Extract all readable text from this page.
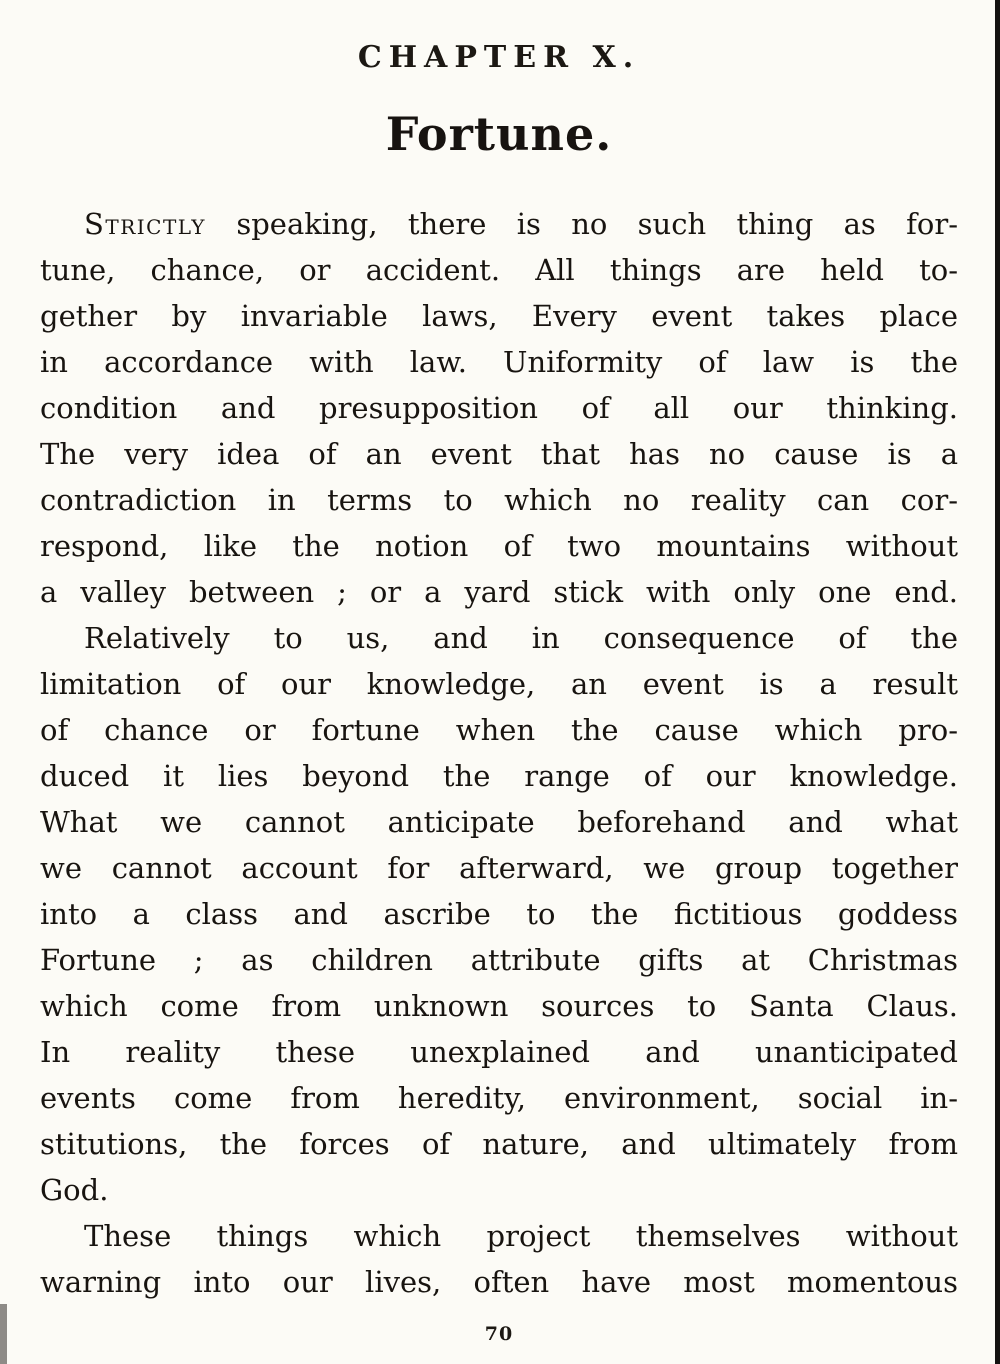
CHAPTER X.
Fortune.
Strictly speaking, there is no such thing as for-
tune, chance, or accident. All things are held to-
gether by invariable laws, Every event takes place
in accordance with law. Uniformity of law is the
condition and presupposition of all our thinking.
The very idea of an event that has no cause is a
contradiction in terms to which no reality can cor-
respond, like the notion of two mountains without
a valley between ; or a yard stick with only one end.
Relatively to us, and in consequence of the
limitation of our knowledge, an event is a result
of chance or fortune when the cause which pro-
duced it lies beyond the range of our knowledge.
What we cannot anticipate beforehand and what
we cannot account for afterward, we group together
into a class and ascribe to the fictitious goddess
Fortune ; as children attribute gifts at Christmas
which come from unknown sources to Santa Claus.
In reality these unexplained and unanticipated
events come from heredity, environment, social in-
stitutions, the forces of nature, and ultimately from
God.
These things which project themselves without
warning into our lives, often have most momentous
70
